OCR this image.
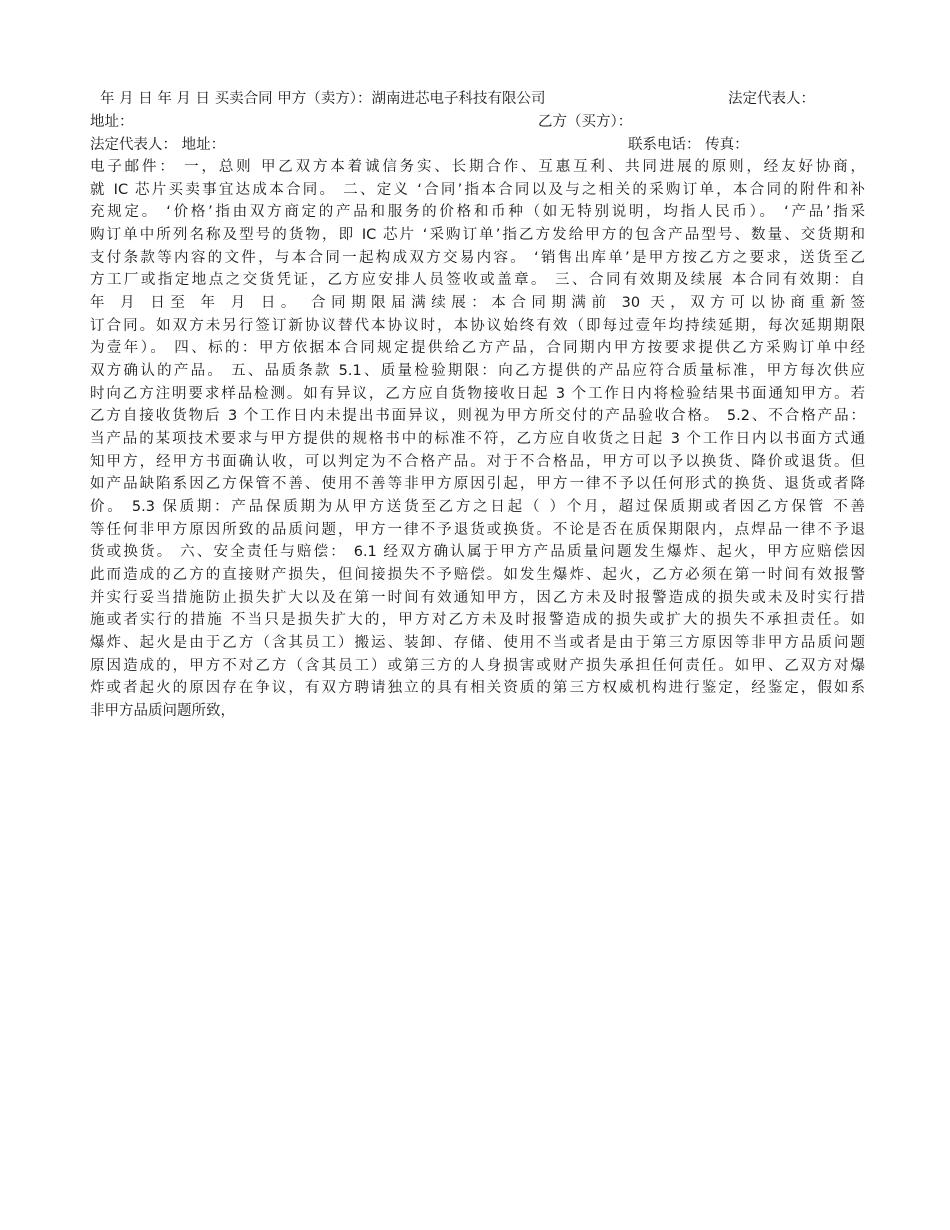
年 月 日 年 月 日 买卖合同 甲方（卖方）：湖南进芯电子科技有限公司	法定代表人：
地址：	乙方（买方）：
法定代表人： 地址：	联系电话： 传真：
电子邮件： 一，总则 甲乙双方本着诚信务实、长期合作、互惠互利、共同进展的原则，经友好协商，
就 IC 芯片买卖事宜达成本合同。 二、定义 ‘合同’指本合同以及与之相关的采购订单，本合同的附件和补
充规定。 ‘价格’指由双方商定的产品和服务的价格和币种（如无特别说明，均指人民币）。 ‘产品’指采
购订单中所列名称及型号的货物，即 IC 芯片 ‘采购订单’指乙方发给甲方的包含产品型号、数量、交货期和
支付条款等内容的文件，与本合同一起构成双方交易内容。 ‘销售出库单’是甲方按乙方之要求，送货至乙
方工厂或指定地点之交货凭证，乙方应安排人员签收或盖章。 三、合同有效期及续展 本合同有效期：自
年 月 日至 年 月 日。 合同期限届满续展：本合同期满前 30 天，双方可以协商重新签
订合同。如双方未另行签订新协议替代本协议时，本协议始终有效（即每过壹年均持续延期，每次延期期限
为壹年）。 四、标的：甲方依据本合同规定提供给乙方产品，合同期内甲方按要求提供乙方采购订单中经
双方确认的产品。 五、品质条款 5.1、质量检验期限：向乙方提供的产品应符合质量标准，甲方每次供应
时向乙方注明要求样品检测。如有异议，乙方应自货物接收日起 3 个工作日内将检验结果书面通知甲方。若
乙方自接收货物后 3 个工作日内未提出书面异议，则视为甲方所交付的产品验收合格。 5.2、不合格产品：
当产品的某项技术要求与甲方提供的规格书中的标准不符，乙方应自收货之日起 3 个工作日内以书面方式通
知甲方，经甲方书面确认收，可以判定为不合格产品。对于不合格品，甲方可以予以换货、降价或退货。但
如产品缺陷系因乙方保管不善、使用不善等非甲方原因引起，甲方一律不予以任何形式的换货、退货或者降
价。 5.3 保质期：产品保质期为从甲方送货至乙方之日起（ ）个月，超过保质期或者因乙方保管 不善
等任何非甲方原因所致的品质问题，甲方一律不予退货或换货。不论是否在质保期限内，点焊品一律不予退
货或换货。 六、安全责任与赔偿： 6.1 经双方确认属于甲方产品质量问题发生爆炸、起火，甲方应赔偿因
此而造成的乙方的直接财产损失，但间接损失不予赔偿。如发生爆炸、起火，乙方必须在第一时间有效报警
并实行妥当措施防止损失扩大以及在第一时间有效通知甲方，因乙方未及时报警造成的损失或未及时实行措
施或者实行的措施 不当只是损失扩大的，甲方对乙方未及时报警造成的损失或扩大的损失不承担责任。如
爆炸、起火是由于乙方（含其员工）搬运、装卸、存储、使用不当或者是由于第三方原因等非甲方品质问题
原因造成的，甲方不对乙方（含其员工）或第三方的人身损害或财产损失承担任何责任。如甲、乙双方对爆
炸或者起火的原因存在争议，有双方聘请独立的具有相关资质的第三方权威机构进行鉴定，经鉴定，假如系
非甲方品质问题所致，
